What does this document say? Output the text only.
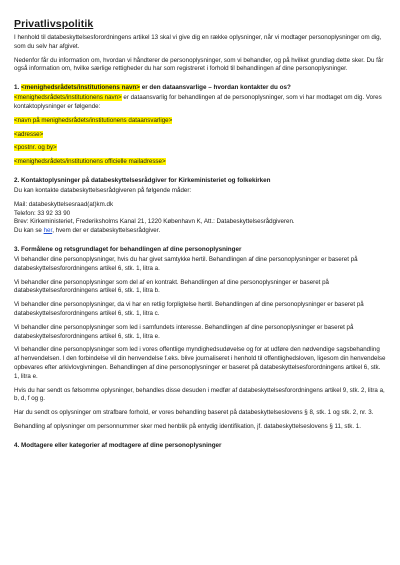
Privatlivspolitik

I henhold til databeskyttelsesforordningens artikel 13 skal vi give dig en række oplysninger, når vi modtager personoplysninger om dig, som du selv har afgivet.

Nedenfor får du information om, hvordan vi håndterer de personoplysninger, som vi behandler, og på hvilket grundlag dette sker. Du får også information om, hvilke særlige rettigheder du har som registreret i forhold til behandlingen af dine personoplysninger.

1. <menighedsrådets/institutionens navn> er den dataansvarlige – hvordan kontakter du os?

<menighedsrådets/institutionens navn> er dataansvarlig for behandlingen af de personoplysninger, som vi har modtaget om dig. Vores kontaktoplysninger er følgende:

<navn på menighedsrådets/institutionens dataansvarlige>

<adresse>

<postnr. og by>

<menighedsrådets/institutionens officielle mailadresse>

2. Kontaktoplysninger på databeskyttelsesrådgiver for Kirkeministeriet og folkekirken

Du kan kontakte databeskyttelsesrådgiveren på følgende måder:

Mail: databeskyttelsesraad(at)km.dk

Telefon: 33 92 33 90

Brev: Kirkeministeriet, Frederiksholms Kanal 21, 1220 København K, Att.: Databeskyttelsesrådgiveren.

Du kan se her, hvem der er databeskyttelsesrådgiver.

3. Formålene og retsgrundlaget for behandlingen af dine personoplysninger

Vi behandler dine personoplysninger, hvis du har givet samtykke hertil. Behandlingen af dine personoplysninger er baseret på databeskyttelsesforordningens artikel 6, stk. 1, litra a.

Vi behandler dine personoplysninger som del af en kontrakt. Behandlingen af dine personoplysninger er baseret på databeskyttelsesforordningens artikel 6, stk. 1, litra b.

Vi behandler dine personoplysninger, da vi har en retlig forpligtelse hertil. Behandlingen af dine personoplysninger er baseret på databeskyttelsesforordningens artikel 6, stk. 1, litra c.

Vi behandler dine personoplysninger som led i samfundets interesse. Behandlingen af dine personoplysninger er baseret på databeskyttelsesforordningens artikel 6, stk. 1, litra e.

Vi behandler dine personoplysninger som led i vores offentlige myndighedsudøvelse og for at udføre den nødvendige sagsbehandling af henvendelsen. I den forbindelse vil din henvendelse f.eks. blive journaliseret i henhold til offentlighedsloven, ligesom din henvendelse opbevares efter arkivlovgivningen. Behandlingen af dine personoplysninger er baseret på databeskyttelsesforordningens artikel 6, stk. 1, litra e.

Hvis du har sendt os følsomme oplysninger, behandles disse desuden i medfør af databeskyttelsesforordningens artikel 9, stk. 2, litra a, b, d, f og g.

Har du sendt os oplysninger om strafbare forhold, er vores behandling baseret på databeskyttelseslovens § 8, stk. 1 og stk. 2, nr. 3.

Behandling af oplysninger om personnummer sker med henblik på entydig identifikation, jf. databeskyttelseslovens § 11, stk. 1.

4. Modtagere eller kategorier af modtagere af dine personoplysninger
